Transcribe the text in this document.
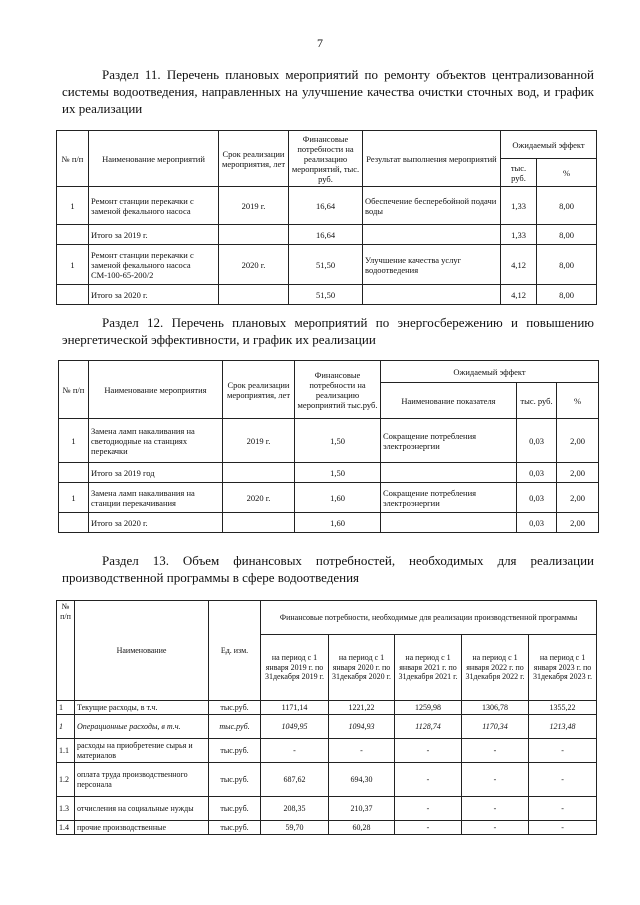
7
Раздел 11. Перечень плановых мероприятий по ремонту объектов централизованной системы водоотведения, направленных на улучшение качества очистки сточных вод, и график их реализации
№ п/п	Наименование мероприятий	Срок реализации мероприятия, лет	Финансовые потребности на реализацию мероприятий, тыс. руб.	Результат выполнения мероприятий	Ожидаемый эффект	
					тыс. руб.	%
1	Ремонт станции перекачки с заменой фекального насоса	2019 г.	16,64	Обеспечение бесперебойной подачи воды	1,33	8,00
	Итого за 2019 г.		16,64		1,33	8,00
1	Ремонт станции перекачки с заменой фекального насоса СМ-100-65-200/2	2020 г.	51,50	Улучшение качества услуг водоотведения	4,12	8,00
	Итого за 2020 г.		51,50		4,12	8,00
Раздел 12. Перечень плановых мероприятий по энергосбережению и повышению энергетической эффективности, и график их реализации
№ п/п	Наименование мероприятия	Срок реализации мероприятия, лет	Финансовые потребности на реализацию мероприятий тыс.руб.	Ожидаемый эффект		
				Наименование показателя	тыс. руб.	%
1	Замена ламп накаливания на светодиодные на станциях перекачки	2019 г.	1,50	Сокращение потребления электроэнергии	0,03	2,00
	Итого за 2019 год		1,50		0,03	2,00
1	Замена ламп накаливания на станции перекачивания	2020 г.	1,60	Сокращение потребления электроэнергии	0,03	2,00
	Итого за 2020 г.		1,60		0,03	2,00
Раздел 13. Объем финансовых потребностей, необходимых для реализации производственной программы в сфере водоотведения
№ п/п	Наименование	Ед. изм.	Финансовые потребности, необходимые для реализации производственной программы				
			на период с 1 января 2019 г. по 31декабря 2019 г.	на период с 1 января 2020 г. по 31декабря 2020 г.	на период с 1 января 2021 г. по 31декабря 2021 г.	на период с 1 января 2022 г. по 31декабря 2022 г.	на период с 1 января 2023 г. по 31декабря 2023 г.
1	Текущие расходы, в т.ч.	тыс.руб.	1171,14	1221,22	1259,98	1306,78	1355,22
1	Операционные расходы, в т.ч.	тыс.руб.	1049,95	1094,93	1128,74	1170,34	1213,48
1.1	расходы на приобретение сырья и материалов	тыс.руб.	-	-	-	-	-
1.2	оплата труда производственного персонала	тыс.руб.	687,62	694,30	-	-	-
1.3	отчисления на социальные нужды	тыс.руб.	208,35	210,37	-	-	-
1.4	прочие производственные	тыс.руб.	59,70	60,28	-	-	-
